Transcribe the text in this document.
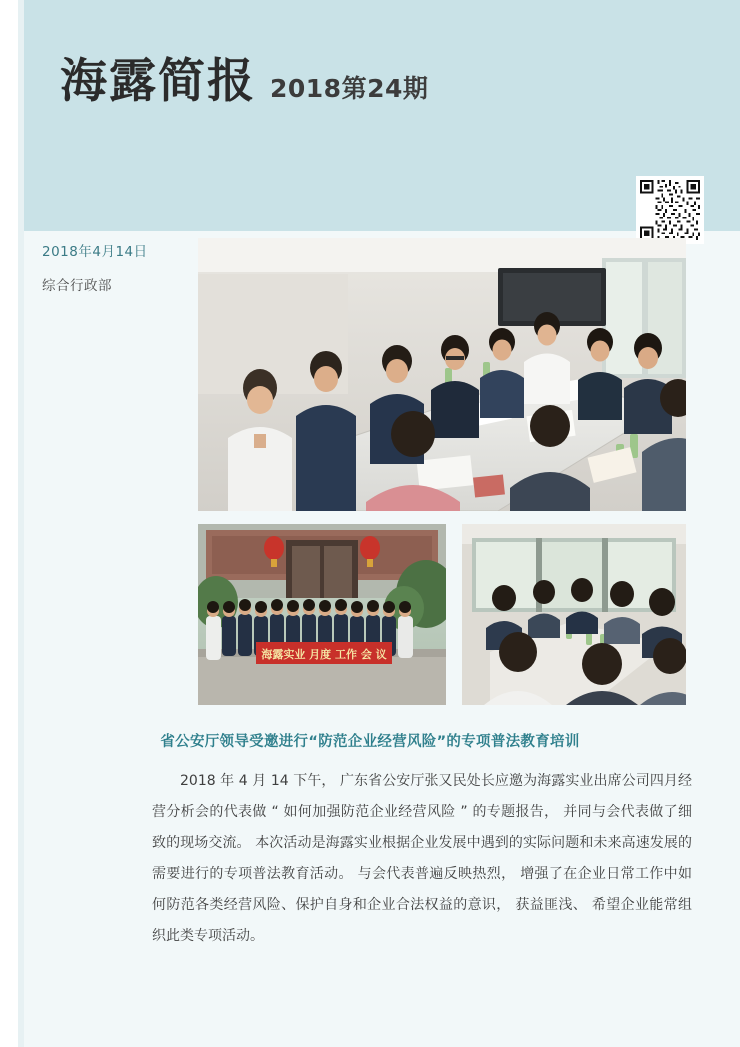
海露简报 2018第24期
2018年4月14日
综合行政部
海露实业 月度 工作 会 议
省公安厅领导受邀进行“防范企业经营风险”的专项普法教育培训

2018 年 4 月 14 下午， 广东省公安厅张又民处长应邀为海露实业出席公司四月经营分析会的代表做 “ 如何加强防范企业经营风险 ” 的专题报告， 并同与会代表做了细致的现场交流。 本次活动是海露实业根据企业发展中遇到的实际问题和未来高速发展的需要进行的专项普法教育活动。 与会代表普遍反映热烈， 增强了在企业日常工作中如何防范各类经营风险、保护自身和企业合法权益的意识， 获益匪浅、 希望企业能常组织此类专项活动。
